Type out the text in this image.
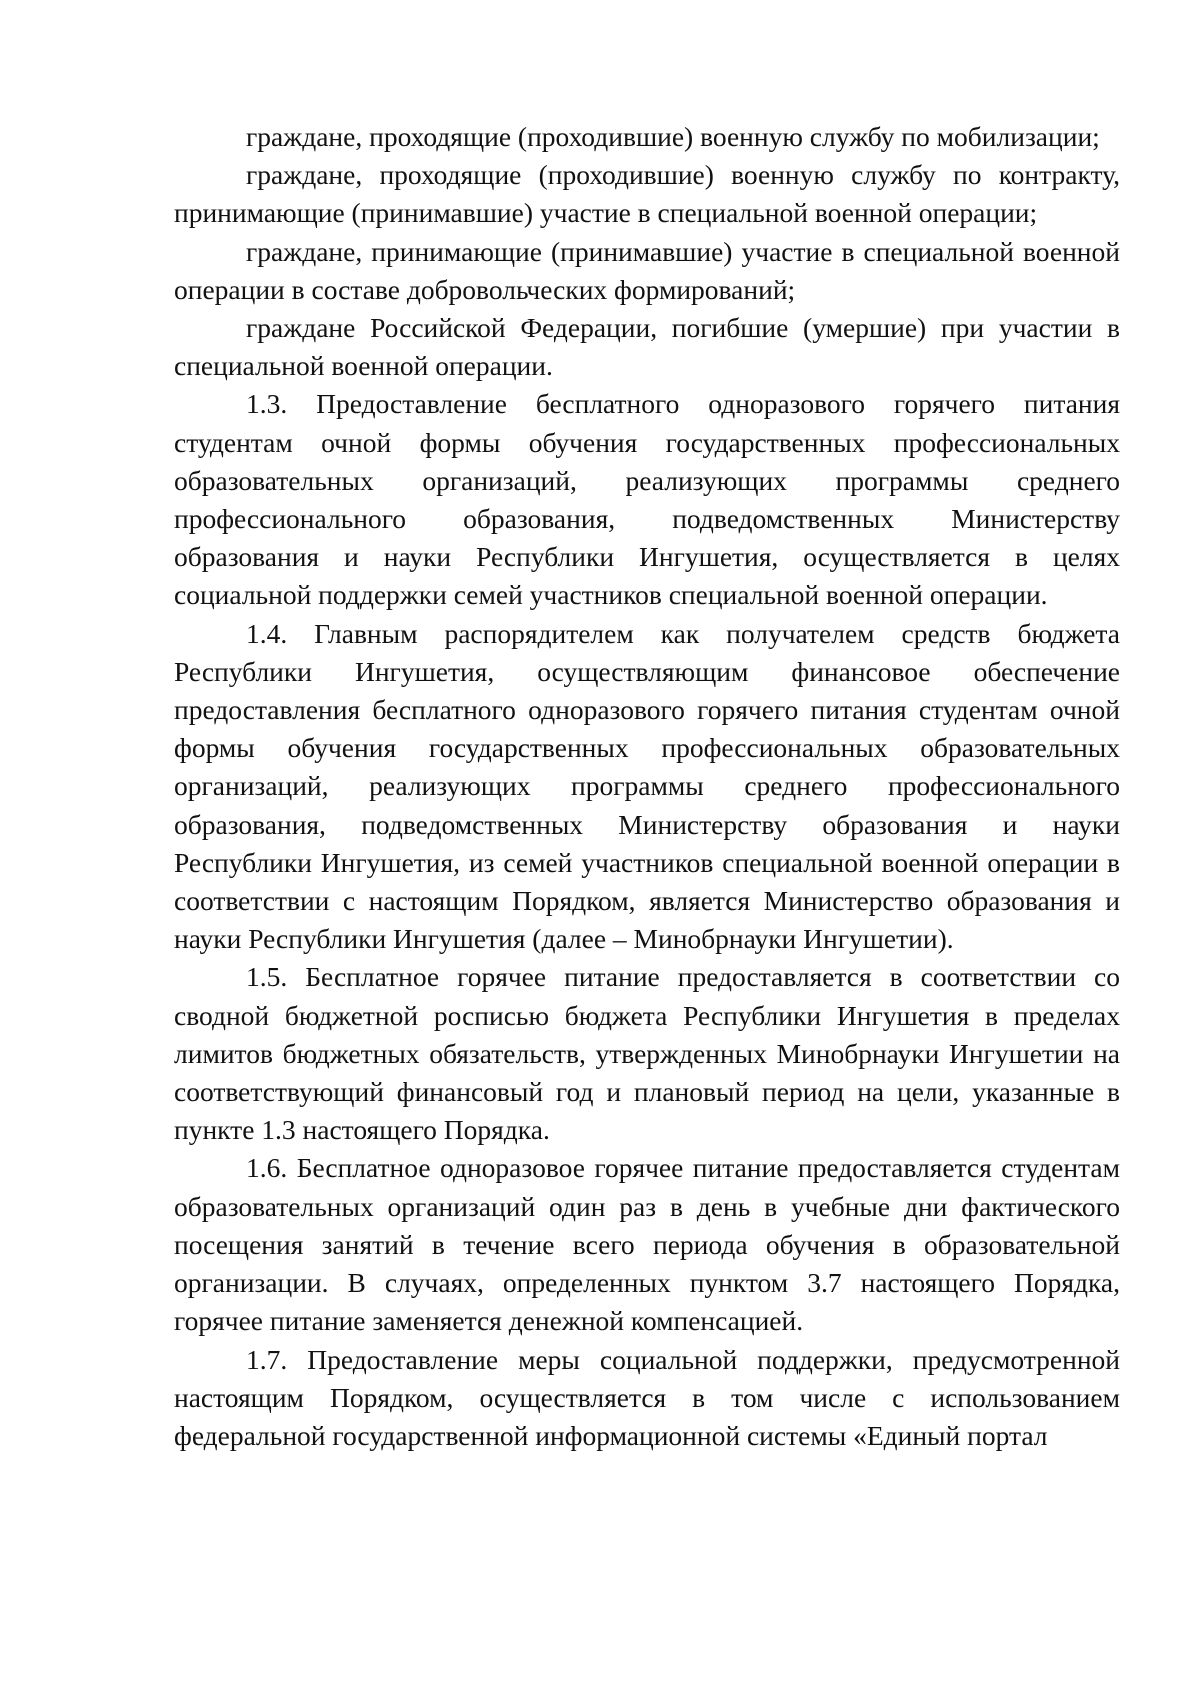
граждане, проходящие (проходившие) военную службу по мобилизации;

граждане, проходящие (проходившие) военную службу по контракту, принимающие (принимавшие) участие в специальной военной операции;

граждане, принимающие (принимавшие) участие в специальной военной операции в составе добровольческих формирований;

граждане Российской Федерации, погибшие (умершие) при участии в специальной военной операции.

1.3. Предоставление бесплатного одноразового горячего питания студентам очной формы обучения государственных профессиональных образовательных организаций, реализующих программы среднего профессионального образования, подведомственных Министерству образования и науки Республики Ингушетия, осуществляется в целях социальной поддержки семей участников специальной военной операции.

1.4. Главным распорядителем как получателем средств бюджета Республики Ингушетия, осуществляющим финансовое обеспечение предоставления бесплатного одноразового горячего питания студентам очной формы обучения государственных профессиональных образовательных организаций, реализующих программы среднего профессионального образования, подведомственных Министерству образования и науки Республики Ингушетия, из семей участников специальной военной операции в соответствии с настоящим Порядком, является Министерство образования и науки Республики Ингушетия (далее – Минобрнауки Ингушетии).

1.5. Бесплатное горячее питание предоставляется в соответствии со сводной бюджетной росписью бюджета Республики Ингушетия в пределах лимитов бюджетных обязательств, утвержденных Минобрнауки Ингушетии на соответствующий финансовый год и плановый период на цели, указанные в пункте 1.3 настоящего Порядка.

1.6. Бесплатное одноразовое горячее питание предоставляется студентам образовательных организаций один раз в день в учебные дни фактического посещения занятий в течение всего периода обучения в образовательной организации. В случаях, определенных пунктом 3.7 настоящего Порядка, горячее питание заменяется денежной компенсацией.

1.7. Предоставление меры социальной поддержки, предусмотренной настоящим Порядком, осуществляется в том числе с использованием федеральной государственной информационной системы «Единый портал
